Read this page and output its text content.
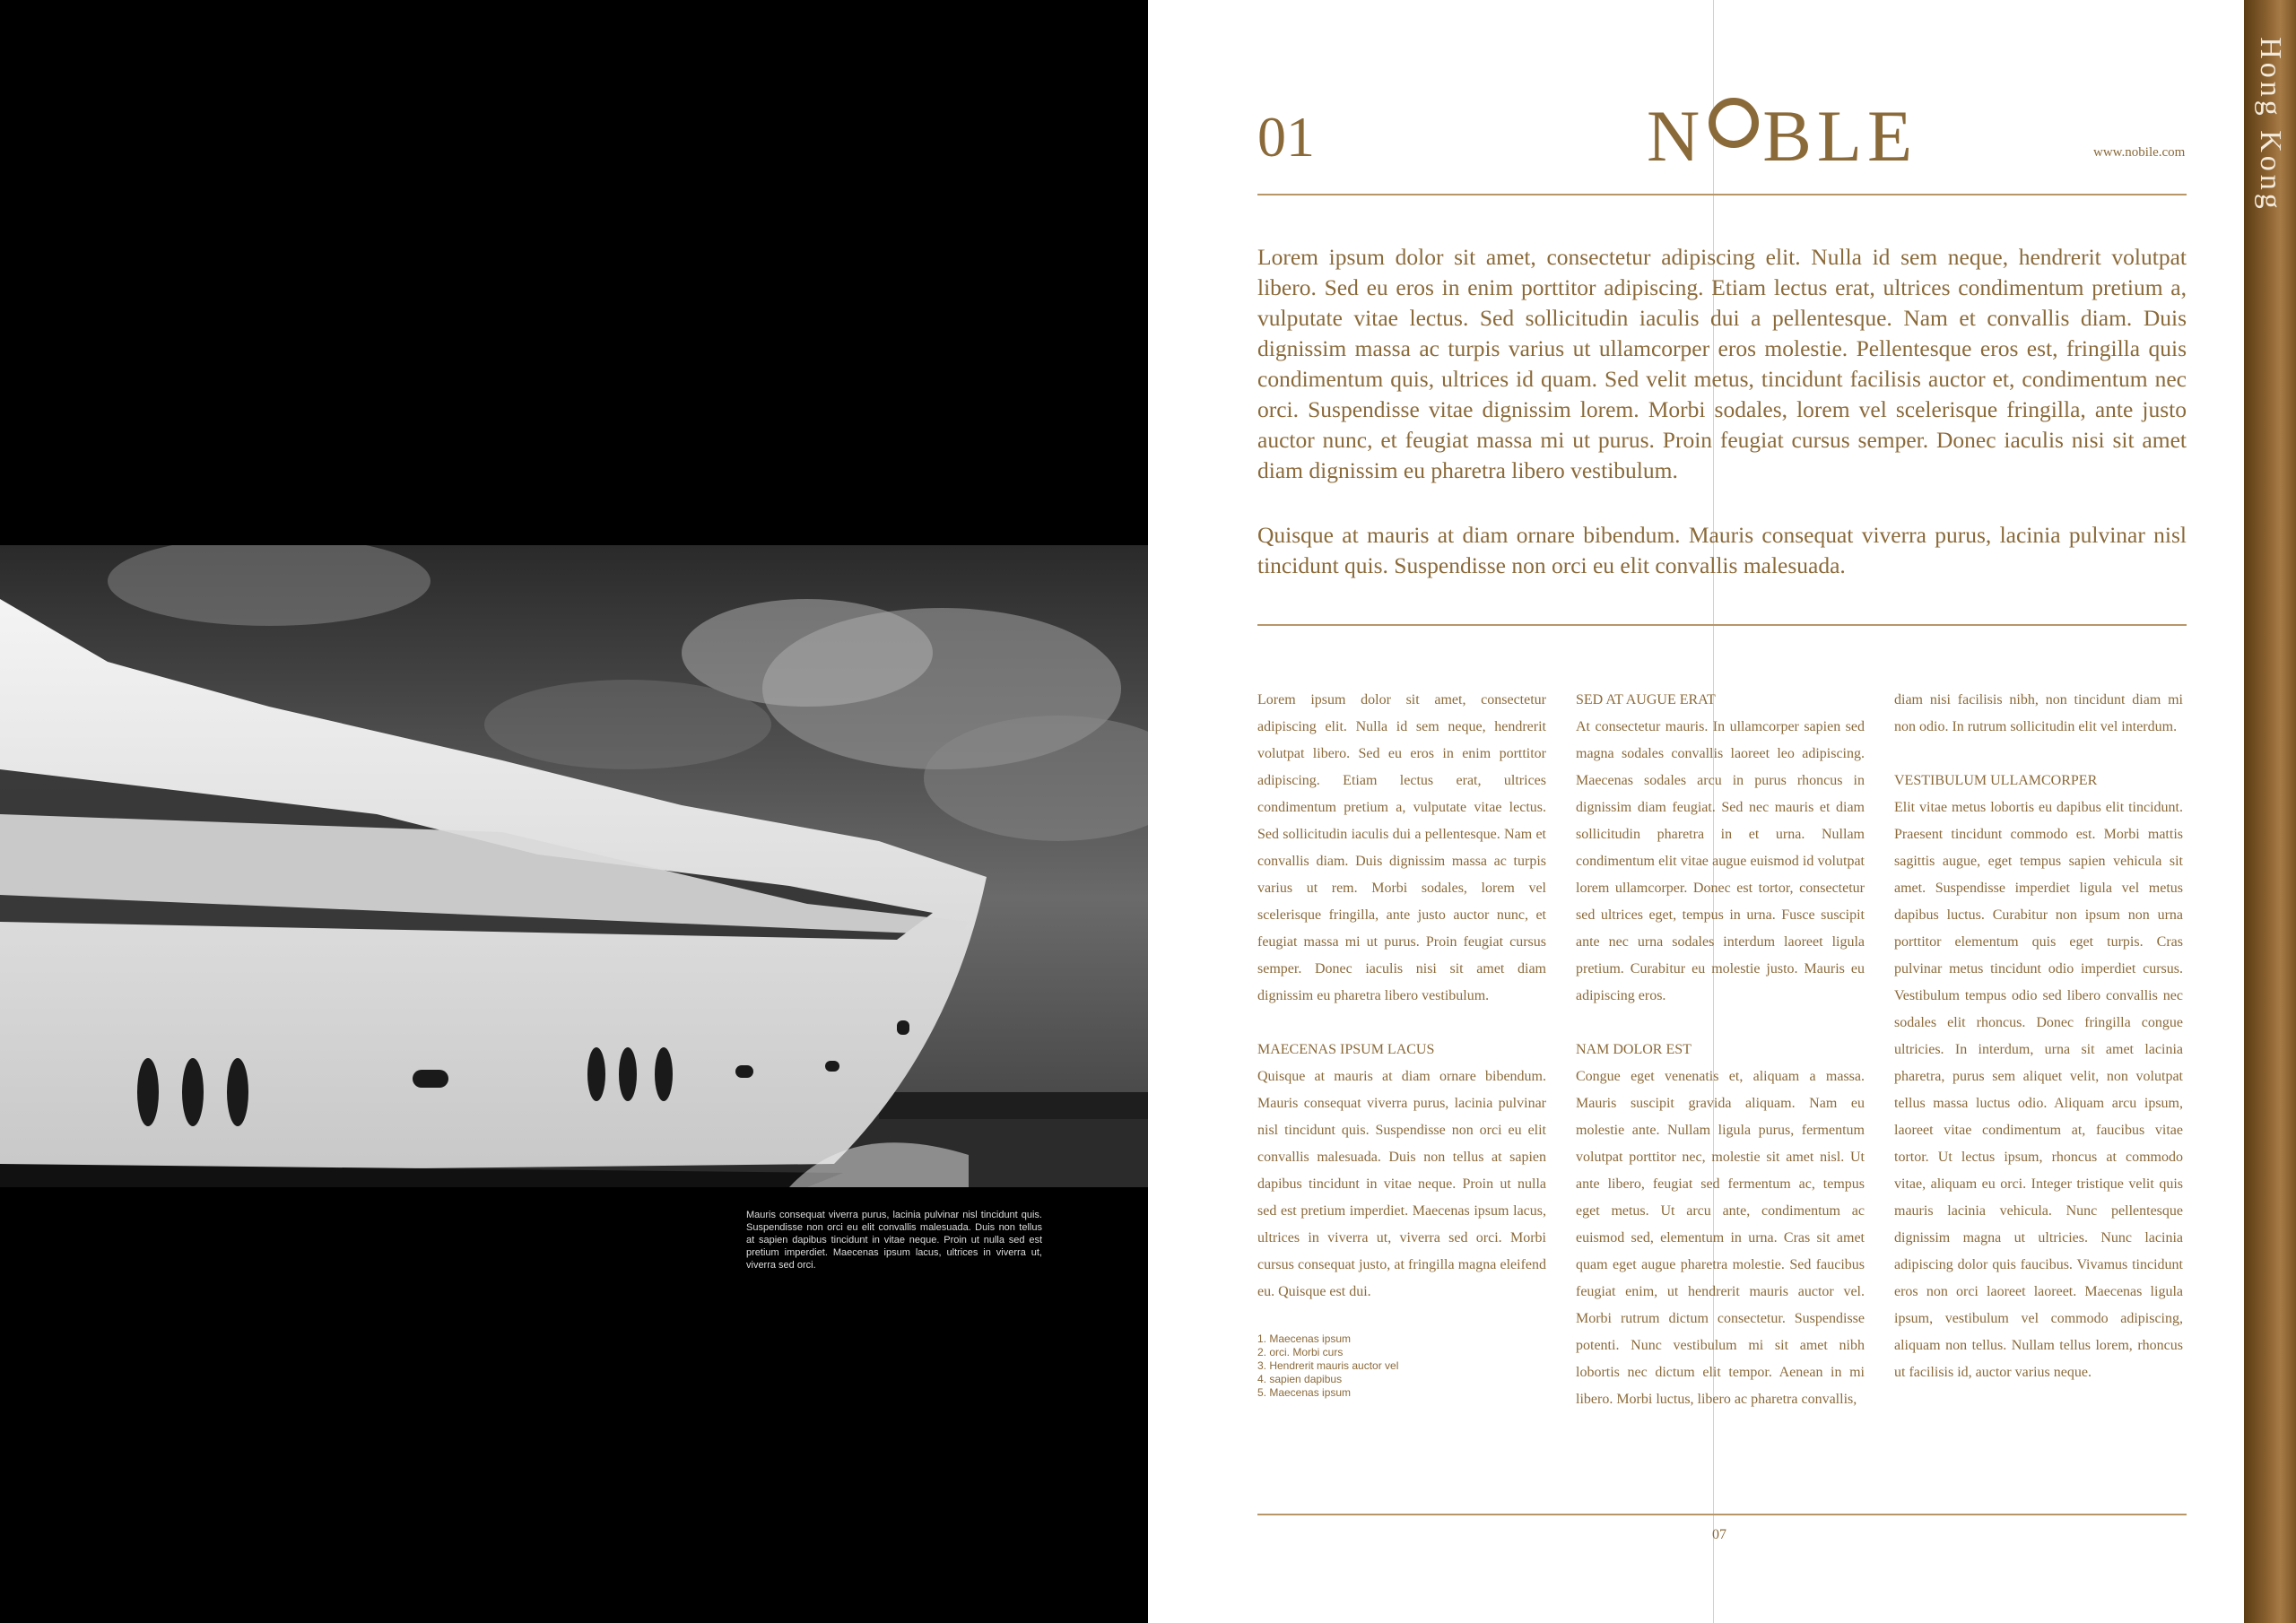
Mauris consequat viverra purus, lacinia pulvinar nisl tincidunt quis. Suspendisse non orci eu elit convallis malesuada. Duis non tellus at sapien dapibus tincidunt in vitae neque. Proin ut nulla sed est pretium imperdiet. Maecenas ipsum lacus, ultrices in viverra ut, viverra sed orci.
01	N BLE	www.nobile.com

Lorem ipsum dolor sit amet, consectetur adipiscing elit. Nulla id sem neque, hendrerit volutpat libero. Sed eu eros in enim porttitor adipiscing. Etiam lectus erat, ultrices condimentum pretium a, vulputate vitae lectus. Sed sollicitudin iaculis dui a pellentesque. Nam et convallis diam. Duis dignissim massa ac turpis varius ut ullamcorper eros molestie. Pellentesque eros est, fringilla quis condimentum quis, ultrices id quam. Sed velit metus, tincidunt facilisis auctor et, condimentum nec orci. Suspendisse vitae dignissim lorem. Morbi sodales, lorem vel scelerisque fringilla, ante justo auctor nunc, et feugiat massa mi ut purus. Proin feugiat cursus semper. Donec iaculis nisi sit amet diam dignissim eu pharetra libero vestibulum.

Quisque at mauris at diam ornare bibendum. Mauris consequat viverra purus, lacinia pulvinar nisl tincidunt quis. Suspendisse non orci eu elit convallis malesuada.

Lorem ipsum dolor sit amet, consectetur adipiscing elit. Nulla id sem neque, hendrerit volutpat libero. Sed eu eros in enim porttitor adipiscing. Etiam lectus erat, ultrices condimentum pretium a, vulputate vitae lectus. Sed sollicitudin iaculis dui a pellentesque. Nam et convallis diam. Duis dignissim massa ac turpis varius ut rem. Morbi sodales, lorem vel scelerisque fringilla, ante justo auctor nunc, et feugiat massa mi ut purus. Proin feugiat cursus semper. Donec iaculis nisi sit amet diam dignissim eu pharetra libero vestibulum.

MAECENAS IPSUM LACUS

Quisque at mauris at diam ornare bibendum. Mauris consequat viverra purus, lacinia pulvinar nisl tincidunt quis. Suspendisse non orci eu elit convallis malesuada. Duis non tellus at sapien dapibus tincidunt in vitae neque. Proin ut nulla sed est pretium imperdiet. Maecenas ipsum lacus, ultrices in viverra ut, viverra sed orci. Morbi cursus consequat justo, at fringilla magna eleifend eu. Quisque est dui.

1. Maecenas ipsum
2. orci. Morbi curs
3. Hendrerit mauris auctor vel
4. sapien dapibus
5. Maecenas ipsum
SED AT AUGUE ERAT

At consectetur mauris. In ullamcorper sapien sed magna sodales convallis laoreet leo adipiscing. Maecenas sodales arcu in purus rhoncus in dignissim diam feugiat. Sed nec mauris et diam sollicitudin pharetra in et urna. Nullam condimentum elit vitae augue euismod id volutpat lorem ullamcorper. Donec est tortor, consectetur sed ultrices eget, tempus in urna. Fusce suscipit ante nec urna sodales interdum laoreet ligula pretium. Curabitur eu molestie justo. Mauris eu adipiscing eros.

NAM DOLOR EST

Congue eget venenatis et, aliquam a massa. Mauris suscipit gravida aliquam. Nam eu molestie ante. Nullam ligula purus, fermentum volutpat porttitor nec, molestie sit amet nisl. Ut ante libero, feugiat sed fermentum ac, tempus eget metus. Ut arcu ante, condimentum ac euismod sed, elementum in urna. Cras sit amet quam eget augue pharetra molestie. Sed faucibus feugiat enim, ut hendrerit mauris auctor vel. Morbi rutrum dictum consectetur. Suspendisse potenti. Nunc vestibulum mi sit amet nibh lobortis nec dictum elit tempor. Aenean in mi libero. Morbi luctus, libero ac pharetra convallis,

diam nisi facilisis nibh, non tincidunt diam mi non odio. In rutrum sollicitudin elit vel interdum.

VESTIBULUM ULLAMCORPER

Elit vitae metus lobortis eu dapibus elit tincidunt. Praesent tincidunt commodo est. Morbi mattis sagittis augue, eget tempus sapien vehicula sit amet. Suspendisse imperdiet ligula vel metus dapibus luctus. Curabitur non ipsum non urna porttitor elementum quis eget turpis. Cras pulvinar metus tincidunt odio imperdiet cursus. Vestibulum tempus odio sed libero convallis nec sodales elit rhoncus. Donec fringilla congue ultricies. In interdum, urna sit amet lacinia pharetra, purus sem aliquet velit, non volutpat tellus massa luctus odio. Aliquam arcu ipsum, laoreet vitae condimentum at, faucibus vitae tortor. Ut lectus ipsum, rhoncus at commodo vitae, aliquam eu orci. Integer tristique velit quis mauris lacinia vehicula. Nunc pellentesque dignissim magna ut ultricies. Nunc lacinia adipiscing dolor quis faucibus. Vivamus tincidunt eros non orci laoreet laoreet. Maecenas ligula ipsum, vestibulum vel commodo adipiscing, aliquam non tellus. Nullam tellus lorem, rhoncus ut facilisis id, auctor varius neque.

07
Hong Kong
